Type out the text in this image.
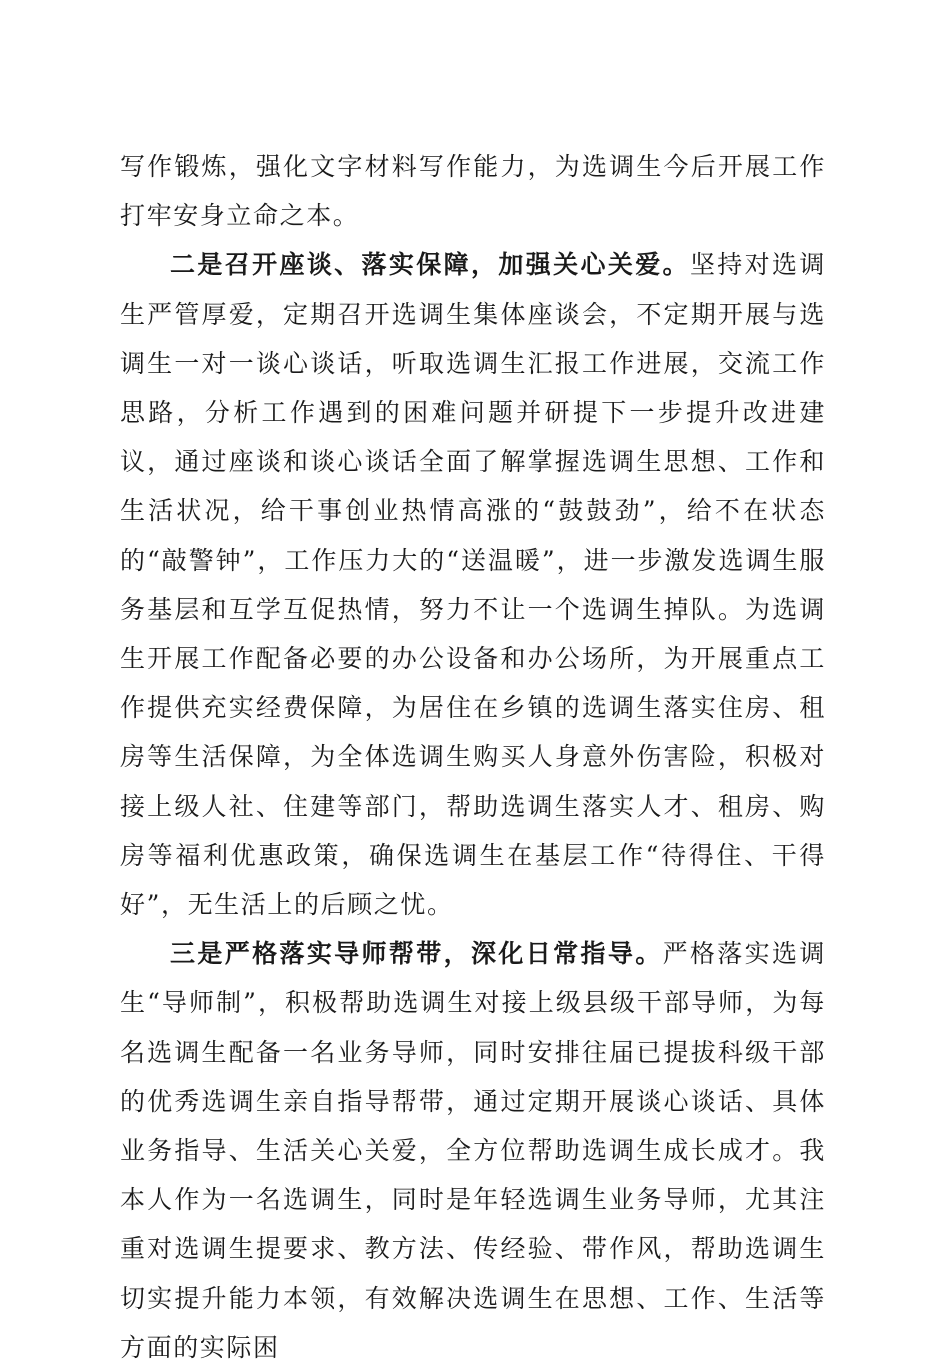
写作锻炼，强化文字材料写作能力，为选调生今后开展工作打牢安身立命之本。

二是召开座谈、落实保障，加强关心关爱。坚持对选调生严管厚爱，定期召开选调生集体座谈会，不定期开展与选调生一对一谈心谈话，听取选调生汇报工作进展，交流工作思路，分析工作遇到的困难问题并研提下一步提升改进建议，通过座谈和谈心谈话全面了解掌握选调生思想、工作和生活状况，给干事创业热情高涨的“鼓鼓劲”，给不在状态的“敲警钟”，工作压力大的“送温暖”，进一步激发选调生服务基层和互学互促热情，努力不让一个选调生掉队。为选调生开展工作配备必要的办公设备和办公场所，为开展重点工作提供充实经费保障，为居住在乡镇的选调生落实住房、租房等生活保障，为全体选调生购买人身意外伤害险，积极对接上级人社、住建等部门，帮助选调生落实人才、租房、购房等福利优惠政策，确保选调生在基层工作“待得住、干得好”，无生活上的后顾之忧。

三是严格落实导师帮带，深化日常指导。严格落实选调生“导师制”，积极帮助选调生对接上级县级干部导师，为每名选调生配备一名业务导师，同时安排往届已提拔科级干部的优秀选调生亲自指导帮带，通过定期开展谈心谈话、具体业务指导、生活关心关爱，全方位帮助选调生成长成才。我本人作为一名选调生，同时是年轻选调生业务导师，尤其注重对选调生提要求、教方法、传经验、带作风，帮助选调生切实提升能力本领，有效解决选调生在思想、工作、生活等方面的实际困
